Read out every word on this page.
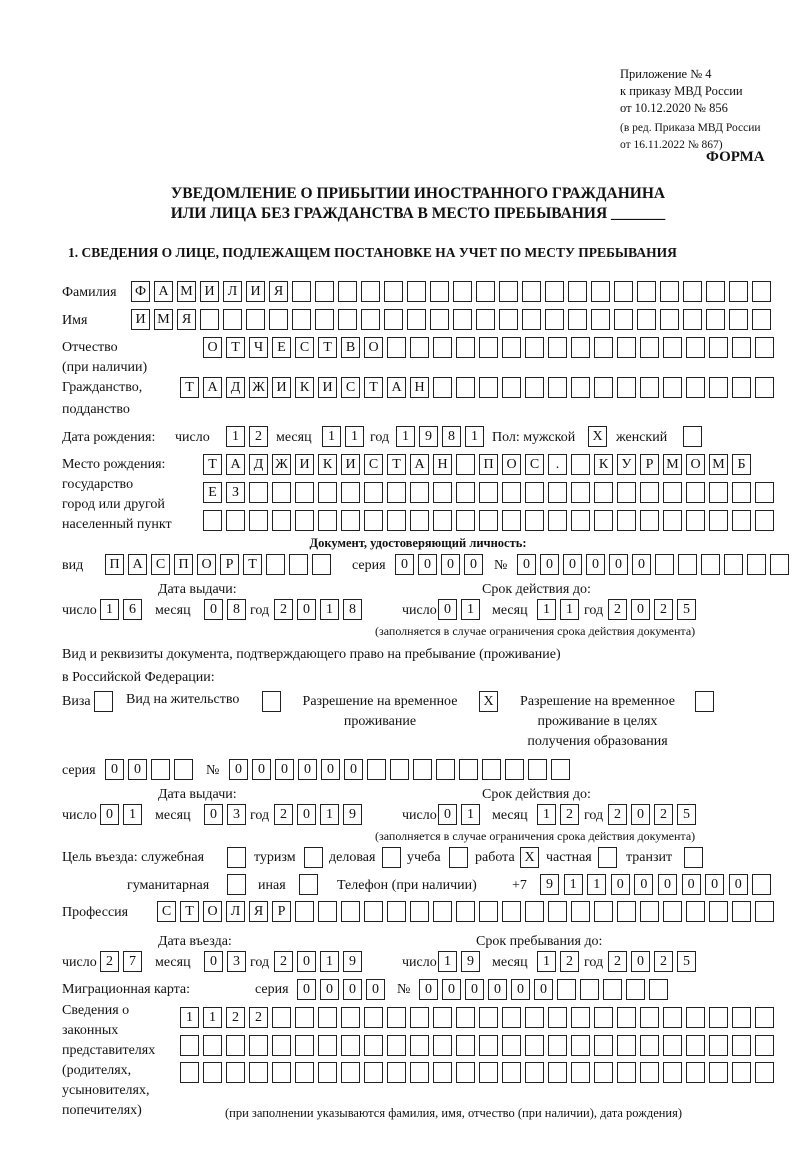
Приложение № 4
к приказу МВД России
от 10.12.2020 № 856
(в ред. Приказа МВД России
от 16.11.2022 № 867)
ФОРМА
УВЕДОМЛЕНИЕ О ПРИБЫТИИ ИНОСТРАННОГО ГРАЖДАНИНА
ИЛИ ЛИЦА БЕЗ ГРАЖДАНСТВА В МЕСТО ПРЕБЫВАНИЯ _______
1. СВЕДЕНИЯ О ЛИЦЕ, ПОДЛЕЖАЩЕМ ПОСТАНОВКЕ НА УЧЕТ ПО МЕСТУ ПРЕБЫВАНИЯ
Фамилия Ф А М И Л И Я
Имя	И М Я
Отчество
(при наличии)
О Т	Ч	Е	С	Т	В О
Гражданство,
подданство
Т А Д Ж И К И С	Т А Н
Дата рождения: число	1	2	месяц	1	1 год 1	9	8	1	Пол: мужской	X женский
Место рождения:
государство
город или другой
населенный пункт
Т А Д Ж И К И С	Т А Н	П О С	.	К У	Р М О М Б
Е	З
Документ, удостоверяющий личность:
вид	П А С П О	Р	Т	серия	0	0	0	0	№	0	0	0	0	0	0
Дата выдачи:	Срок действия до:
число 1	6	месяц	0	8 год 2	0	1	8	число 0	1	месяц	1	1 год 2	0	2	5
(заполняется в случае ограничения срока действия документа)
Вид и реквизиты документа, подтверждающего право на пребывание (проживание)
в Российской Федерации:
Виза	Вид на жительство	Разрешение на временное
проживание
X	Разрешение на временное
проживание в целях
получения образования
серия	0	0	№	0	0	0	0	0	0
Дата выдачи:	Срок действия до:
число 0	1	месяц	0	3 год 2	0	1	9	число 0	1	месяц	1	2 год 2	0	2	5
(заполняется в случае ограничения срока действия документа)
Цель въезда: служебная	туризм деловая учеба работа X частная транзит
гуманитарная	иная	Телефон (при наличии)	+7	9	1	1	0	0	0	0	0	0
Профессия	С	Т О Л Я	Р
Дата въезда:	Срок пребывания до:
число 2	7	месяц	0	3 год 2	0	1	9	число 1	9	месяц	1	2 год 2	0	2	5
Миграционная карта:	серия	0	0	0	0	№	0	0	0	0	0	0
Сведения о
законных
представителях
(родителях,
усыновителях,
попечителях)
1	1	2	2
(при заполнении указываются фамилия, имя, отчество (при наличии), дата рождения)
